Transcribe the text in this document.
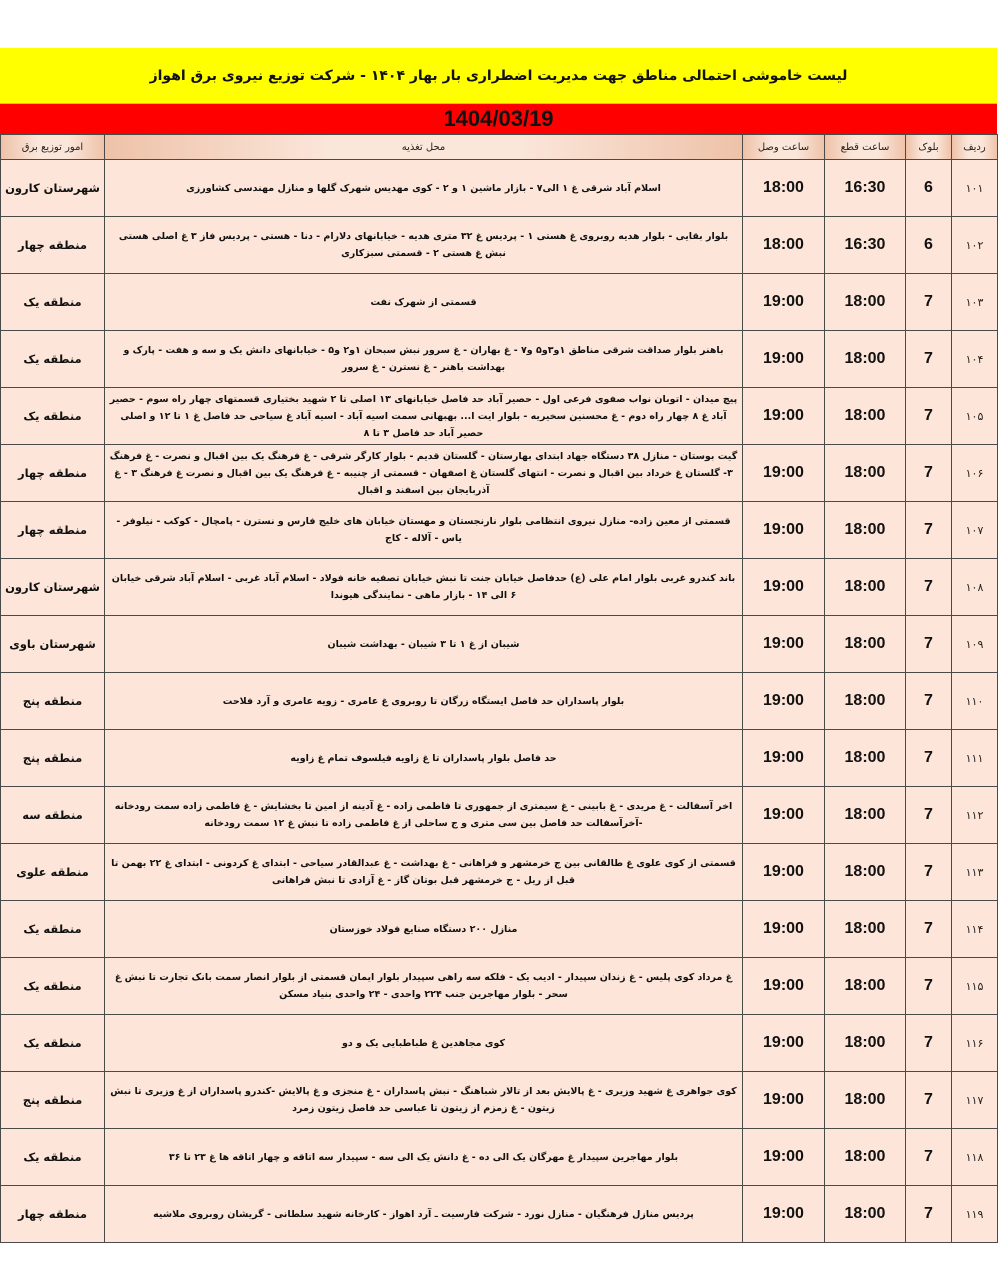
لیست خاموشی احتمالی مناطق جهت مدیریت اضطراری بار بهار ۱۴۰۴ - شرکت توزیع نیروی برق اهواز
1404/03/19
ردیف	بلوک	ساعت قطع	ساعت وصل	محل تغذیه	امور توزیع برق
۱۰۱	6	16:30	18:00	اسلام آباد شرقی غ ۱ الی۷ - بازار ماشین ۱ و ۲ - کوی مهدیس شهرک گلها و منازل مهندسی کشاورزی	شهرستان کارون
۱۰۲	6	16:30	18:00	بلوار بقایی - بلوار هدیه روبروی غ هستی ۱ - پردیس غ ۳۲ متری هدیه - خیابانهای دلارام - دنا - هستی - پردیس فاز ۳ غ اصلی هستی نبش غ هستی ۲ - قسمتی سبزکاری	منطقه چهار
۱۰۳	7	18:00	19:00	قسمتی از شهرک نفت	منطقه یک
۱۰۴	7	18:00	19:00	باهنر بلوار صداقت شرقی مناطق ۱و۳و۵ و۷ - غ بهاران - غ سرور نبش سبحان ۱و۲ و۵ - خیابانهای دانش یک و سه و هفت - پارک و بهداشت باهنر - غ نسترن - غ سرور	منطقه یک
۱۰۵	7	18:00	19:00	پیچ میدان - اتوبان نواب صفوی فرعی اول - حصیر آباد حد فاصل خیابانهای ۱۳ اصلی تا ۲ شهید بختیاری قسمتهای چهار راه سوم - حصیر آباد غ ۸ چهار راه دوم - غ محسنین سخیریه - بلوار ایت ا... بهبهانی سمت اسیه آباد - اسیه آباد غ سیاحی حد فاصل غ ۱ تا ۱۲ و اصلی حصیر آباد حد فاصل ۳ تا ۸	منطقه یک
۱۰۶	7	18:00	19:00	گیت بوستان - منازل ۳۸ دستگاه جهاد ابتدای بهارستان - گلستان قدیم - بلوار کارگر شرقی - غ فرهنگ یک بین اقبال و نصرت - غ فرهنگ ۳- گلستان غ خرداد بین اقبال و نصرت - انتهای گلستان غ اصفهان - قسمتی از چنیبه - غ فرهنگ یک بین اقبال و نصرت غ فرهنگ ۳ - غ آذربایجان بین اسفند و اقبال	منطقه چهار
۱۰۷	7	18:00	19:00	قسمتی از معین زاده- منازل نیروی انتظامی بلوار نارنجستان و مهستان خیابان های خلیج فارس و نسترن - پامچال - کوکب - نیلوفر - یاس - آلاله - کاج	منطقه چهار
۱۰۸	7	18:00	19:00	باند کندرو غربی بلوار امام علی (ع) حدفاصل خیابان جنت تا نبش خیابان تصفیه خانه فولاد - اسلام آباد غربی - اسلام آباد شرقی خیابان ۶ الی ۱۴ - بازار ماهی - نمایندگی هیوندا	شهرستان کارون
۱۰۹	7	18:00	19:00	شیبان از غ ۱ تا ۳ شیبان - بهداشت شیبان	شهرستان باوی
۱۱۰	7	18:00	19:00	بلوار پاسداران حد فاصل ایستگاه زرگان تا روبروی غ عامری - زویه عامری و آرد فلاحت	منطقه پنج
۱۱۱	7	18:00	19:00	حد فاصل بلوار پاسداران تا غ زاویه فیلسوف تمام غ زاویه	منطقه پنج
۱۱۲	7	18:00	19:00	اخر آسفالت - غ مریدی - غ بابینی - غ سیمتری از جمهوری تا فاطمی زاده - غ آدینه از امین تا بخشایش - غ فاطمی زاده سمت رودخانه -آخرآسفالت حد فاصل بین سی متری و ج ساحلی از غ فاطمی زاده تا نبش غ ۱۲ سمت رودخانه	منطقه سه
۱۱۳	7	18:00	19:00	قسمتی از کوی علوی غ طالقانی بین ج خرمشهر و فراهانی - غ بهداشت - غ عبدالقادر سیاحی - ابتدای غ کردونی - ابتدای غ ۲۲ بهمن تا قبل از ریل - ج خرمشهر قبل بوتان گاز - غ آزادی تا نبش فراهانی	منطقه علوی
۱۱۴	7	18:00	19:00	منازل ۲۰۰ دستگاه صنایع فولاد خوزستان	منطقه یک
۱۱۵	7	18:00	19:00	غ مرداد کوی پلیس - غ زندان سپیدار - ادیب یک - فلکه سه راهی سپیدار بلوار ایمان قسمتی از بلوار انصار سمت بانک تجارت تا نبش غ سحر - بلوار مهاجرین جنب ۲۲۴ واحدی - ۲۴ واحدی بنیاد مسکن	منطقه یک
۱۱۶	7	18:00	19:00	کوی مجاهدین غ طباطبایی یک و دو	منطقه یک
۱۱۷	7	18:00	19:00	کوی جواهری غ شهید وزیری - غ پالایش بعد از تالار شباهنگ - نبش پاسداران - غ منجزی و غ پالایش -کندرو پاسداران از غ وزیری تا نبش زیتون - غ زمزم از زیتون تا عباسی حد فاصل زیتون زمرد	منطقه پنج
۱۱۸	7	18:00	19:00	بلوار مهاجرین سپیدار غ مهرگان یک الی ده - غ دانش یک الی سه - سپیدار سه اتاقه و چهار اتاقه ها غ ۲۳ تا ۳۶	منطقه یک
۱۱۹	7	18:00	19:00	پردیس منازل فرهنگیان - منازل نورد - شرکت فارسیت ـ آرد اهواز - کارخانه شهید سلطانی - گریشان روبروی ملاشیه	منطقه چهار
